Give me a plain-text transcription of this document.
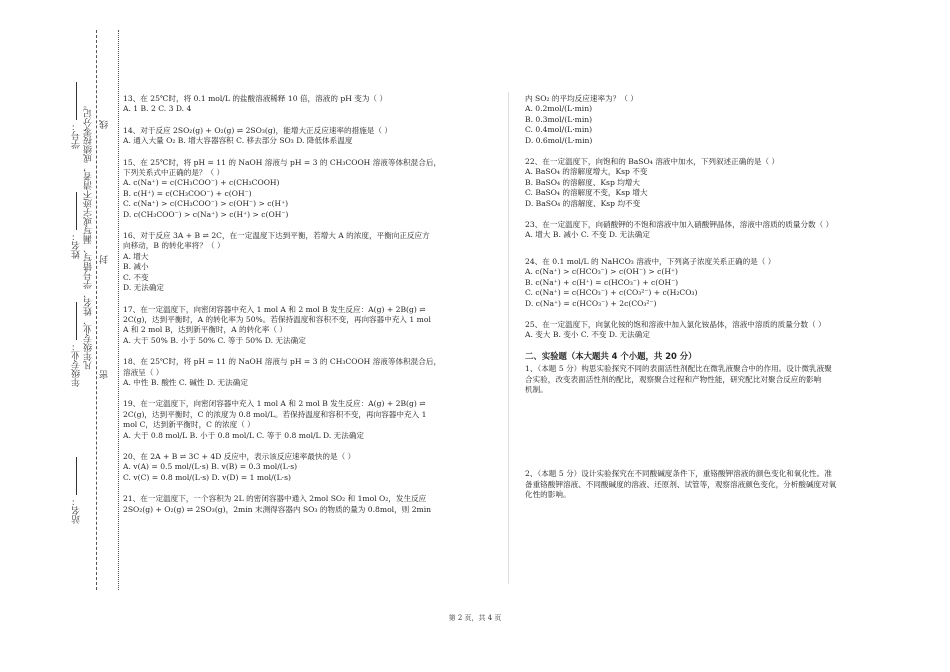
学号：
姓名：
年级专业：
站名：
凡年级专业、姓名、学号错写、漏写或字迹不清者，成绩按零分记。 线
封
密

13、在 25℃时，将 0.1 mol/L 的盐酸溶液稀释 10 倍，溶液的 pH 变为（ ）

A. 1 B. 2 C. 3 D. 4

14、对于反应 2SO₂(g) + O₂(g) ⇌ 2SO₃(g)，能增大正反应速率的措施是（ ）

A. 通入大量 O₂ B. 增大容器容积 C. 移去部分 SO₃ D. 降低体系温度

15、在 25℃时，将 pH = 11 的 NaOH 溶液与 pH = 3 的 CH₃COOH 溶液等体积混合后，

下列关系式中正确的是？（ ）

A. c(Na⁺) = c(CH₃COO⁻) + c(CH₃COOH)

B. c(H⁺) = c(CH₃COO⁻) + c(OH⁻)

C. c(Na⁺) > c(CH₃COO⁻) > c(OH⁻) > c(H⁺)

D. c(CH₃COO⁻) > c(Na⁺) > c(H⁺) > c(OH⁻)

16、对于反应 3A + B ⇌ 2C，在一定温度下达到平衡，若增大 A 的浓度，平衡向正反应方

向移动，B 的转化率将？（ ）

A. 增大

B. 减小

C. 不变

D. 无法确定

17、在一定温度下，向密闭容器中充入 1 mol A 和 2 mol B 发生反应：A(g) + 2B(g) ⇌

2C(g)，达到平衡时，A 的转化率为 50%。若保持温度和容积不变，再向容器中充入 1 mol

A 和 2 mol B，达到新平衡时，A 的转化率（ ）

A. 大于 50% B. 小于 50% C. 等于 50% D. 无法确定

18、在 25℃时，将 pH = 11 的 NaOH 溶液与 pH = 3 的 CH₃COOH 溶液等体积混合后，

溶液呈（ ）

A. 中性 B. 酸性 C. 碱性 D. 无法确定

19、在一定温度下，向密闭容器中充入 1 mol A 和 2 mol B 发生反应：A(g) + 2B(g) ⇌

2C(g)，达到平衡时，C 的浓度为 0.8 mol/L。若保持温度和容积不变，再向容器中充入 1

mol C，达到新平衡时，C 的浓度（ ）

A. 大于 0.8 mol/L B. 小于 0.8 mol/L C. 等于 0.8 mol/L D. 无法确定

20、在 2A + B ⇌ 3C + 4D 反应中，表示该反应速率最快的是（ ）

A. v(A) = 0.5 mol/(L·s) B. v(B) = 0.3 mol/(L·s)

C. v(C) = 0.8 mol/(L·s) D. v(D) = 1 mol/(L·s)

21、在一定温度下，一个容积为 2L 的密闭容器中通入 2mol SO₂ 和 1mol O₂，发生反应

2SO₂(g) + O₂(g) ⇌ 2SO₃(g)，2min 末测得容器内 SO₃ 的物质的量为 0.8mol，则 2min

内 SO₂ 的平均反应速率为？（ ）

A. 0.2mol/(L·min)

B. 0.3mol/(L·min)

C. 0.4mol/(L·min)

D. 0.6mol/(L·min)

22、在一定温度下，向饱和的 BaSO₄ 溶液中加水，下列叙述正确的是（ ）

A. BaSO₄ 的溶解度增大，Ksp 不变

B. BaSO₄ 的溶解度、Ksp 均增大

C. BaSO₄ 的溶解度不变，Ksp 增大

D. BaSO₄ 的溶解度、Ksp 均不变

23、在一定温度下，向硝酸钾的不饱和溶液中加入硝酸钾晶体，溶液中溶质的质量分数（ ）

A. 增大 B. 减小 C. 不变 D. 无法确定

24、在 0.1 mol/L 的 NaHCO₃ 溶液中，下列离子浓度关系正确的是（ ）

A. c(Na⁺) > c(HCO₃⁻) > c(OH⁻) > c(H⁺)

B. c(Na⁺) + c(H⁺) = c(HCO₃⁻) + c(OH⁻)

C. c(Na⁺) = c(HCO₃⁻) + c(CO₃²⁻) + c(H₂CO₃)

D. c(Na⁺) = c(HCO₃⁻) + 2c(CO₃²⁻)

25、在一定温度下，向氯化铵的饱和溶液中加入氯化铵晶体，溶液中溶质的质量分数（ ）

A. 变大 B. 变小 C. 不变 D. 无法确定

二、实验题（本大题共 4 个小题，共 20 分）

1、（本题 5 分）构思实验探究不同的表面活性剂配比在微乳液聚合中的作用。设计微乳液聚

合实验，改变表面活性剂的配比，观察聚合过程和产物性能，研究配比对聚合反应的影响

机制。

2、（本题 5 分）设计实验探究在不同酸碱度条件下，重铬酸钾溶液的颜色变化和氧化性。准

备重铬酸钾溶液、不同酸碱度的溶液、还原剂、试管等，观察溶液颜色变化，分析酸碱度对氧

化性的影响。

第 2 页，共 4 页
